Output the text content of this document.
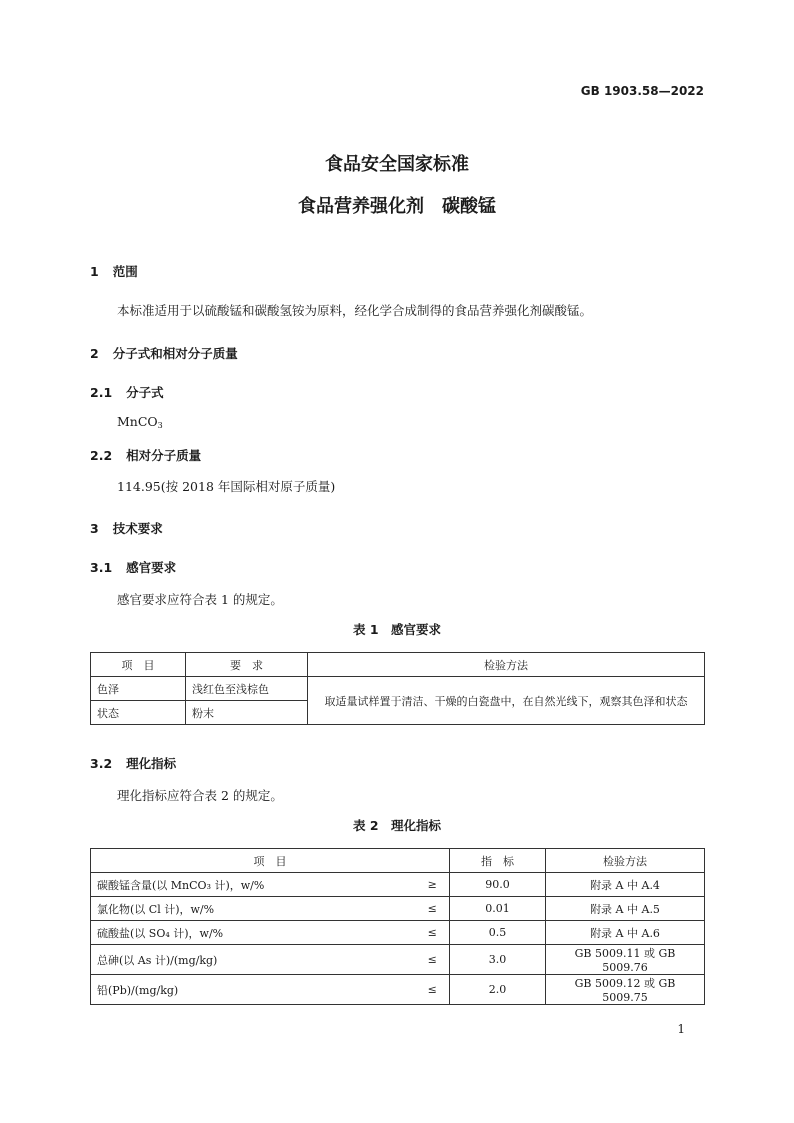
GB 1903.58—2022
食品安全国家标准
食品营养强化剂　碳酸锰
1 范围
本标准适用于以硫酸锰和碳酸氢铵为原料，经化学合成制得的食品营养强化剂碳酸锰。
2 分子式和相对分子质量
2.1 分子式
MnCO$_3$
2.2 相对分子质量
114.95(按 2018 年国际相对原子质量)
3 技术要求
3.1 感官要求
感官要求应符合表 1 的规定。
表 1　感官要求
项　目	要　求	检验方法
色泽	浅红色至浅棕色	取适量试样置于清洁、干燥的白瓷盘中，在自然光线下，观察其色泽和状态
状态	粉末	
3.2 理化指标
理化指标应符合表 2 的规定。
表 2　理化指标
项　目		指　标	检验方法
碳酸锰含量(以 MnCO₃ 计)，w/%	≥	90.0	附录 A 中 A.4
氯化物(以 Cl 计)，w/%	≤	0.01	附录 A 中 A.5
硫酸盐(以 SO₄ 计)，w/%	≤	0.5	附录 A 中 A.6
总砷(以 As 计)/(mg/kg)	≤	3.0	GB 5009.11 或 GB 5009.76
铅(Pb)/(mg/kg)	≤	2.0	GB 5009.12 或 GB 5009.75
1
